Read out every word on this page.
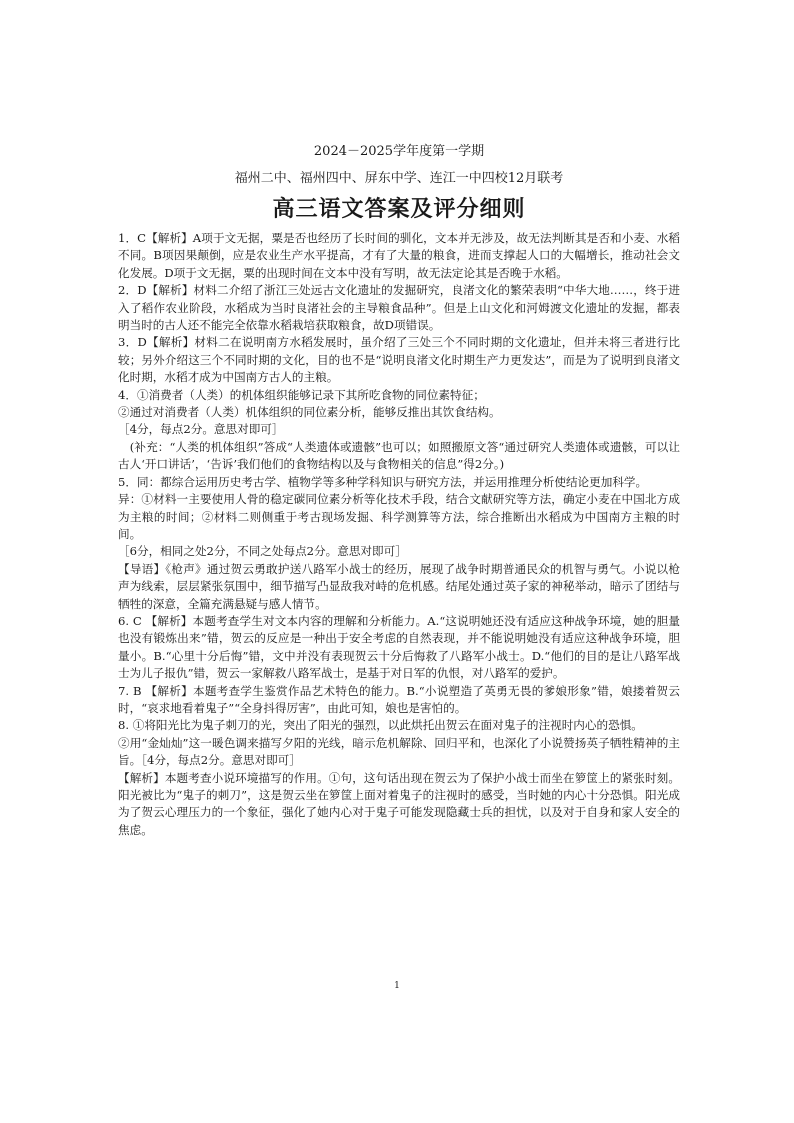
2024－2025学年度第一学期

福州二中、福州四中、屏东中学、连江一中四校12月联考

高三语文答案及评分细则

1．C【解析】A项于文无据，粟是否也经历了长时间的驯化，文本并无涉及，故无法判断其是否和小麦、水稻不同。B项因果颠倒，应是农业生产水平提高，才有了大量的粮食，进而支撑起人口的大幅增长，推动社会文化发展。D项于文无据，粟的出现时间在文本中没有写明，故无法定论其是否晚于水稻。

2．D【解析】材料二介绍了浙江三处远古文化遗址的发掘研究，良渚文化的繁荣表明“中华大地……，终于进入了稻作农业阶段，水稻成为当时良渚社会的主导粮食品种”。但是上山文化和河姆渡文化遗址的发掘，都表明当时的古人还不能完全依靠水稻栽培获取粮食，故D项错误。

3．D【解析】材料二在说明南方水稻发展时，虽介绍了三处三个不同时期的文化遗址，但并未将三者进行比较；另外介绍这三个不同时期的文化，目的也不是“说明良渚文化时期生产力更发达”，而是为了说明到良渚文化时期，水稻才成为中国南方古人的主粮。

4．①消费者（人类）的机体组织能够记录下其所吃食物的同位素特征；

②通过对消费者（人类）机体组织的同位素分析，能够反推出其饮食结构。

［4分，每点2分。意思对即可］

　(补充：“人类的机体组织”答成“人类遗体或遗骸”也可以；如照搬原文答“通过研究人类遗体或遗骸，可以让古人‘开口讲话’，‘告诉’我们他们的食物结构以及与食物相关的信息”得2分。)

5．同：都综合运用历史考古学、植物学等多种学科知识与研究方法，并运用推理分析使结论更加科学。

异：①材料一主要使用人骨的稳定碳同位素分析等化技术手段，结合文献研究等方法，确定小麦在中国北方成为主粮的时间；②材料二则侧重于考古现场发掘、科学测算等方法，综合推断出水稻成为中国南方主粮的时间。

［6分，相同之处2分，不同之处每点2分。意思对即可］

【导语】《枪声》通过贺云勇敢护送八路军小战士的经历，展现了战争时期普通民众的机智与勇气。小说以枪声为线索，层层紧张氛围中，细节描写凸显敌我对峙的危机感。结尾处通过英子家的神秘举动，暗示了团结与牺牲的深意，全篇充满悬疑与感人情节。

6. C 【解析】本题考查学生对文本内容的理解和分析能力。A.“这说明她还没有适应这种战争环境，她的胆量也没有锻炼出来”错，贺云的反应是一种出于安全考虑的自然表现，并不能说明她没有适应这种战争环境，胆量小。B.“心里十分后悔”错，文中并没有表现贺云十分后悔救了八路军小战士。D.“他们的目的是让八路军战士为儿子报仇”错，贺云一家解救八路军战士，是基于对日军的仇恨，对八路军的爱护。

7. B 【解析】本题考查学生鉴赏作品艺术特色的能力。B.“小说塑造了英勇无畏的爹娘形象”错，娘搂着贺云时，“哀求地看着鬼子”“全身抖得厉害”，由此可知，娘也是害怕的。

8. ①将阳光比为鬼子刺刀的光，突出了阳光的强烈，以此烘托出贺云在面对鬼子的注视时内心的恐惧。

②用“金灿灿”这一暖色调来描写夕阳的光线，暗示危机解除、回归平和，也深化了小说赞扬英子牺牲精神的主旨。［4分，每点2分。意思对即可］

【解析】本题考查小说环境描写的作用。①句，这句话出现在贺云为了保护小战士而坐在箩筐上的紧张时刻。阳光被比为“鬼子的刺刀”，这是贺云坐在箩筐上面对着鬼子的注视时的感受，当时她的内心十分恐惧。阳光成为了贺云心理压力的一个象征，强化了她内心对于鬼子可能发现隐藏士兵的担忧，以及对于自身和家人安全的焦虑。

1
